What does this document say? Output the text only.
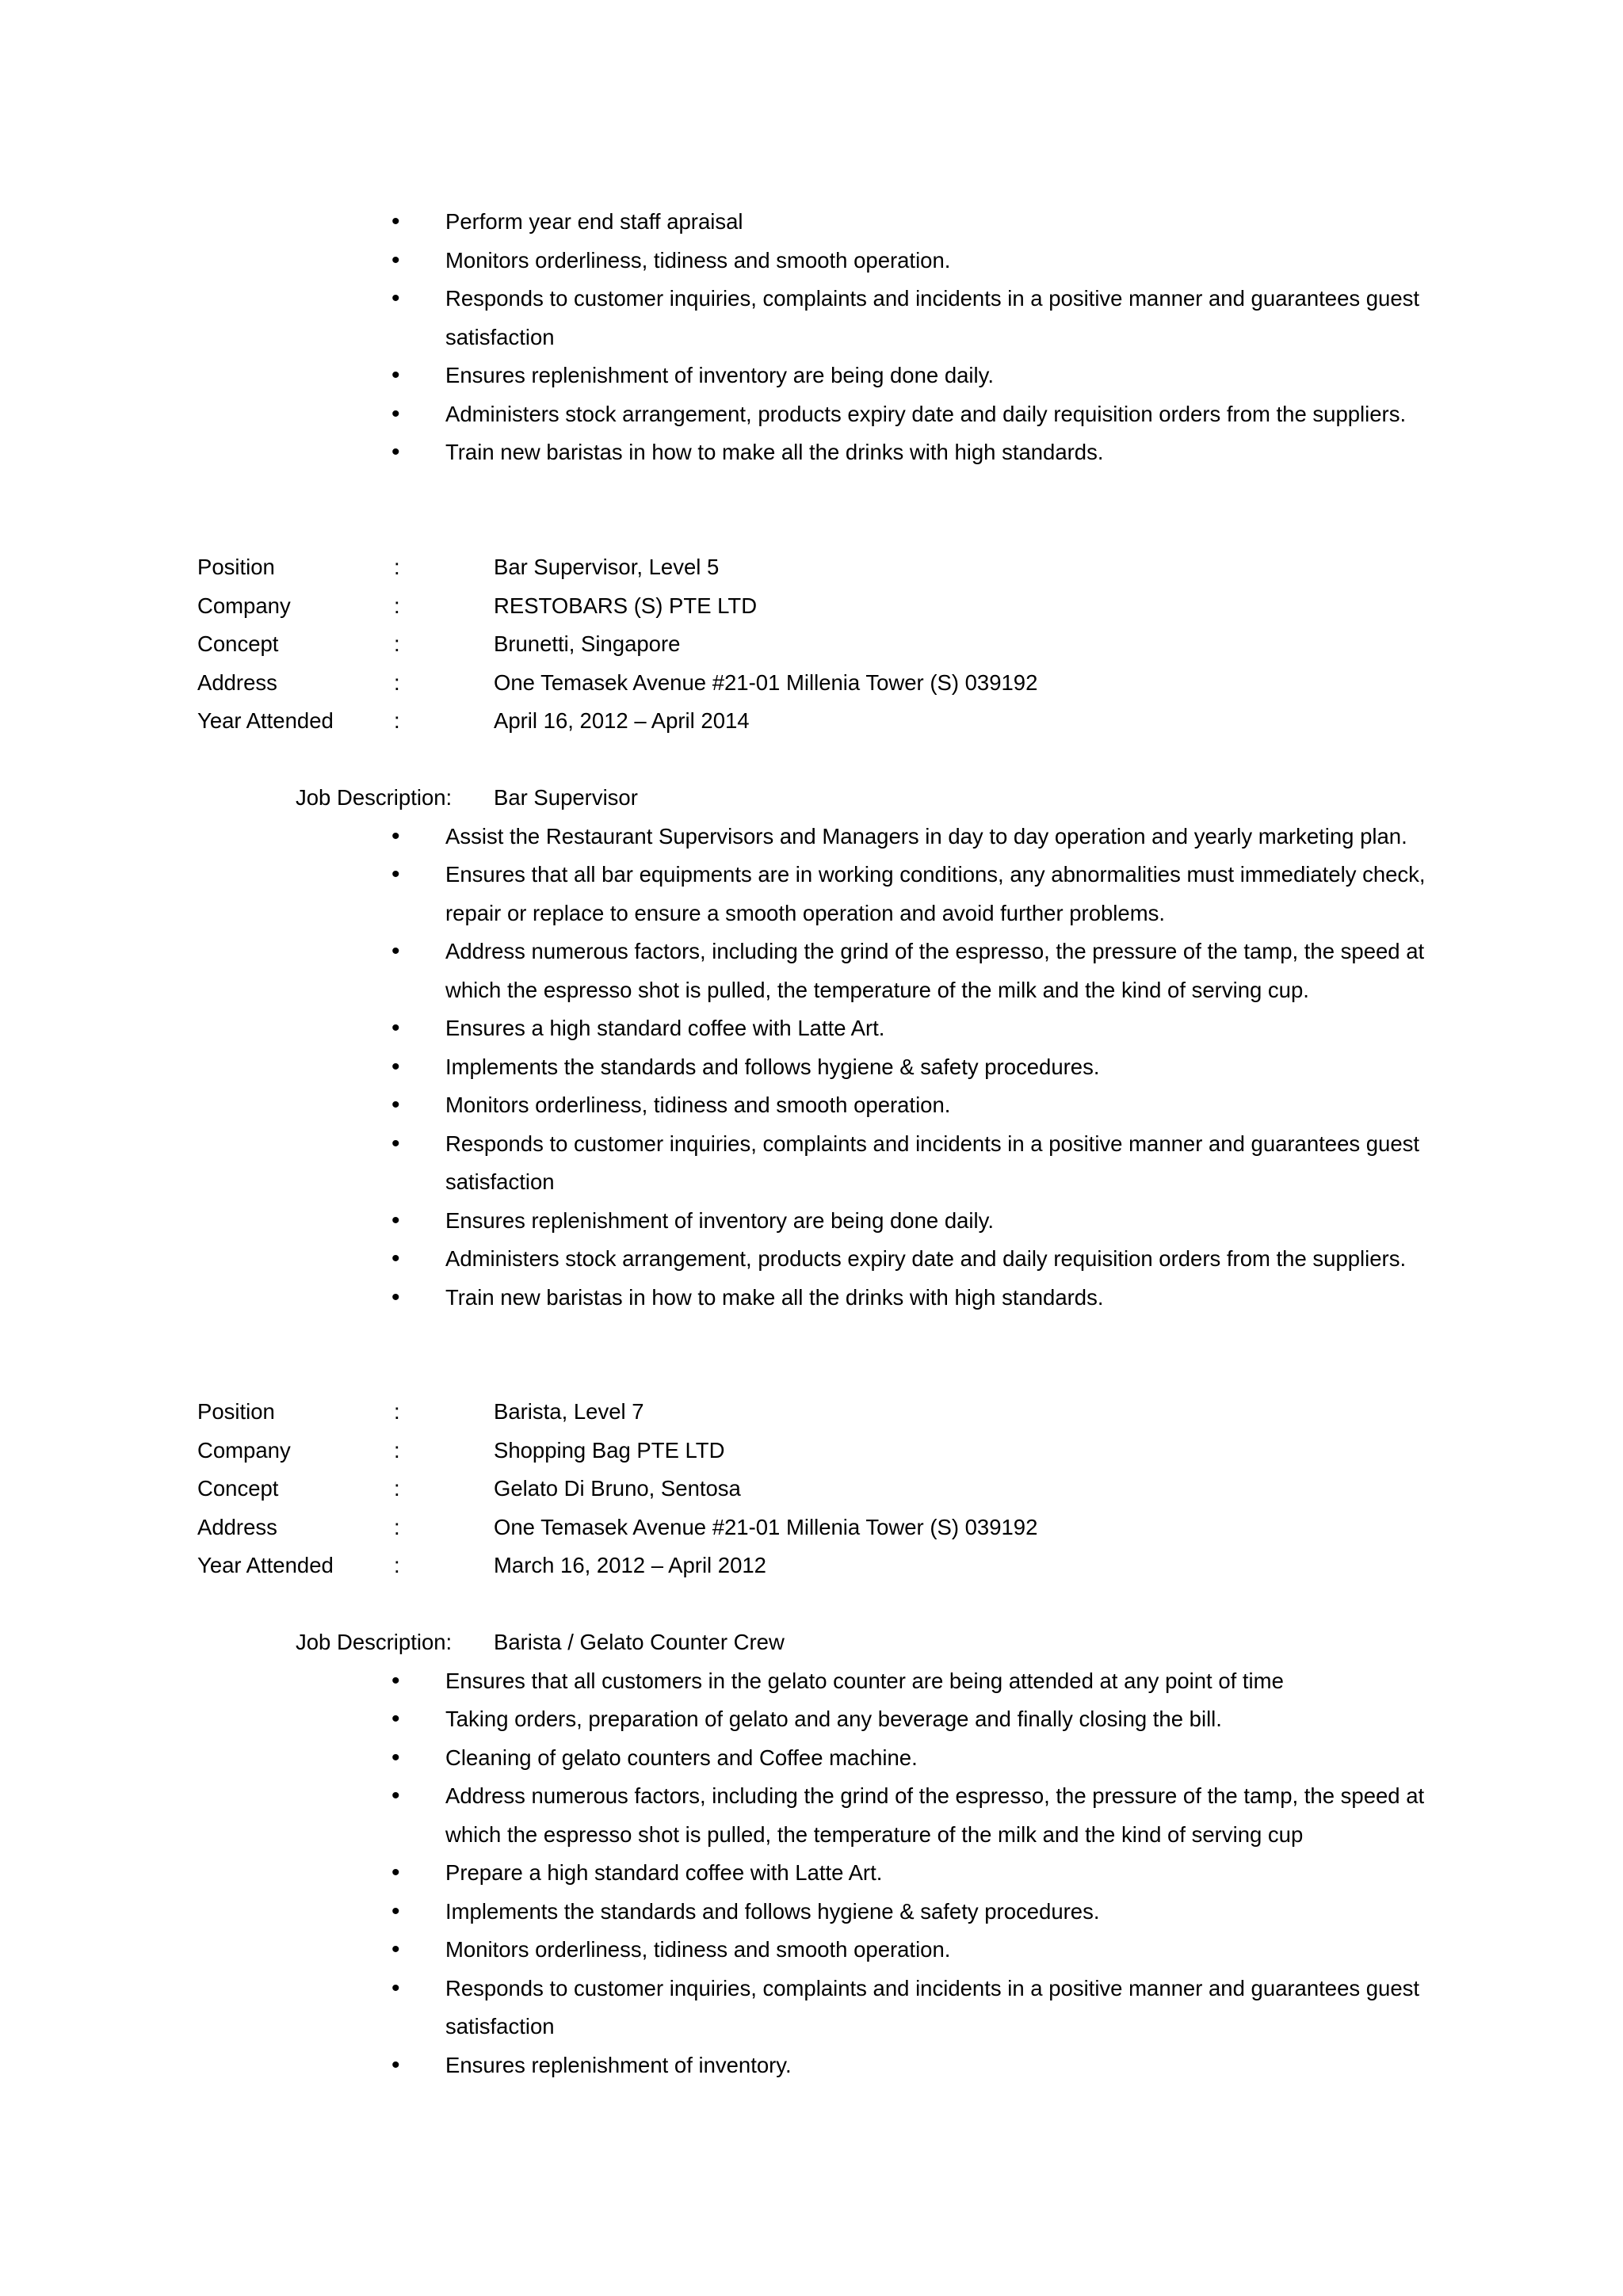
• Perform year end staff apraisal
• Monitors orderliness, tidiness and smooth operation.
• Responds to customer inquiries, complaints and incidents in a positive manner and guarantees guest satisfaction
• Ensures replenishment of inventory are being done daily.
• Administers stock arrangement, products expiry date and daily requisition orders from the suppliers.
• Train new baristas in how to make all the drinks with high standards.
Position	:	Bar Supervisor, Level 5
Company	:	RESTOBARS (S) PTE LTD
Concept	:	Brunetti, Singapore
Address	:	One Temasek Avenue #21-01 Millenia Tower (S) 039192
Year Attended	:	April 16, 2012 – April 2014
Job Description: Bar Supervisor
• Assist the Restaurant Supervisors and Managers in day to day operation and yearly marketing plan.
• Ensures that all bar equipments are in working conditions, any abnormalities must immediately check, repair or replace to ensure a smooth operation and avoid further problems.
• Address numerous factors, including the grind of the espresso, the pressure of the tamp, the speed at which the espresso shot is pulled, the temperature of the milk and the kind of serving cup.
• Ensures a high standard coffee with Latte Art.
• Implements the standards and follows hygiene & safety procedures.
• Monitors orderliness, tidiness and smooth operation.
• Responds to customer inquiries, complaints and incidents in a positive manner and guarantees guest satisfaction
• Ensures replenishment of inventory are being done daily.
• Administers stock arrangement, products expiry date and daily requisition orders from the suppliers.
• Train new baristas in how to make all the drinks with high standards.
Position	:	Barista, Level 7
Company	:	Shopping Bag PTE LTD
Concept	:	Gelato Di Bruno, Sentosa
Address	:	One Temasek Avenue #21-01 Millenia Tower (S) 039192
Year Attended	:	March 16, 2012 – April 2012
Job Description: Barista / Gelato Counter Crew
• Ensures that all customers in the gelato counter are being attended at any point of time
• Taking orders, preparation of gelato and any beverage and finally closing the bill.
• Cleaning of gelato counters and Coffee machine.
• Address numerous factors, including the grind of the espresso, the pressure of the tamp, the speed at which the espresso shot is pulled, the temperature of the milk and the kind of serving cup
• Prepare a high standard coffee with Latte Art.
• Implements the standards and follows hygiene & safety procedures.
• Monitors orderliness, tidiness and smooth operation.
• Responds to customer inquiries, complaints and incidents in a positive manner and guarantees guest satisfaction
• Ensures replenishment of inventory.
